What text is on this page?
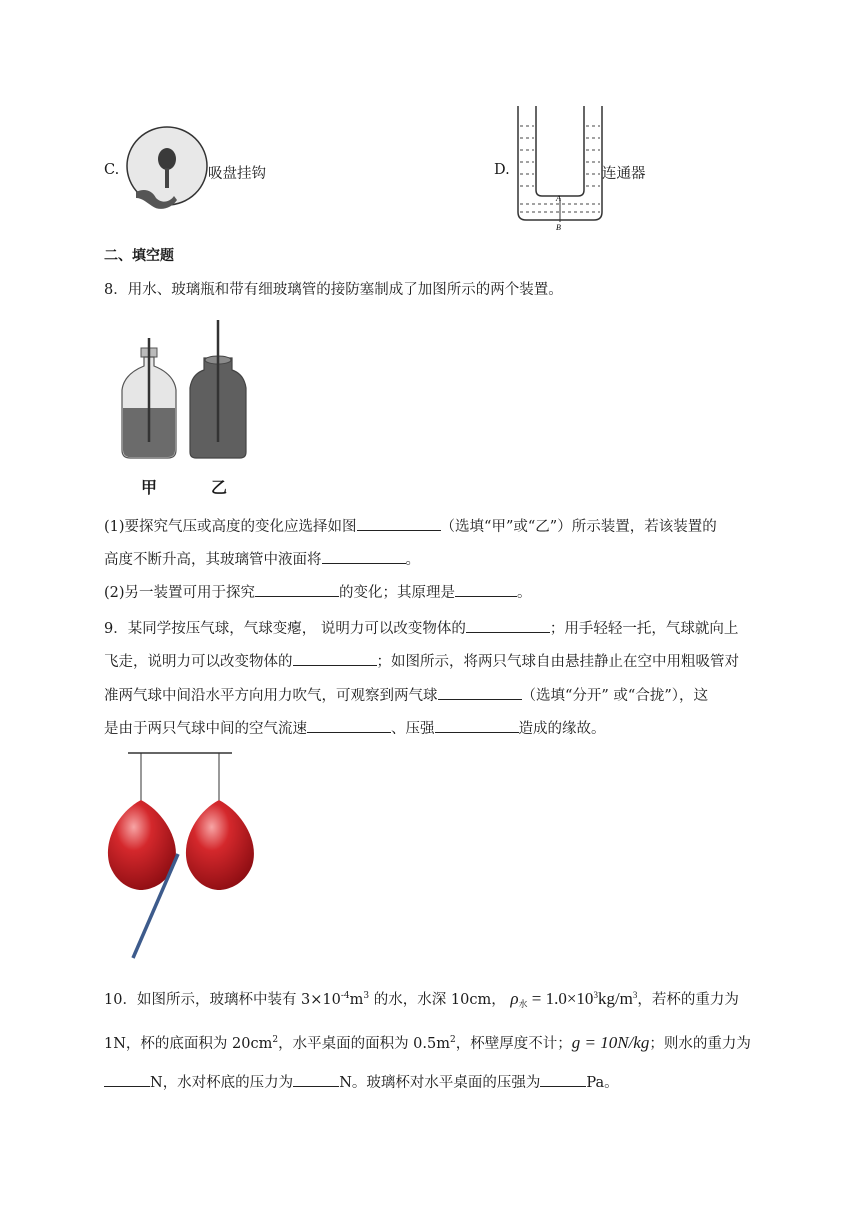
C.	吸盘挂钩	D.
A
B
连通器
二、填空题
8．用水、玻璃瓶和带有细玻璃管的接防塞制成了加图所示的两个装置。
甲	乙
(1)要探究气压或高度的变化应选择如图	（选填“甲”或“乙”）所示装置，若该装置的
高度不断升高，其玻璃管中液面将	。
(2)另一装置可用于探究	的变化；其原理是	。
9．某同学按压气球，气球变瘪， 说明力可以改变物体的	；用手轻轻一托，气球就向上
飞走，说明力可以改变物体的	；如图所示，将两只气球自由悬挂静止在空中用粗吸管对
准两气球中间沿水平方向用力吹气，可观察到两气球	（选填“分开” 或“合拢”），这
是由于两只气球中间的空气流速	、压强	造成的缘故。
10．如图所示，玻璃杯中装有 $3\times 10^{-4}m^3$ 的水，水深 10cm， $\rho_水 = 1.0\times 10^3kg/m^3$，若杯的重力为
1N，杯的底面积为 $20cm^2$，水平桌面的面积为 $0.5m^2$，杯壁厚度不计；g = 10N/kg；则水的重力为
N，水对杯底的压力为	N。玻璃杯对水平桌面的压强为	Pa。
